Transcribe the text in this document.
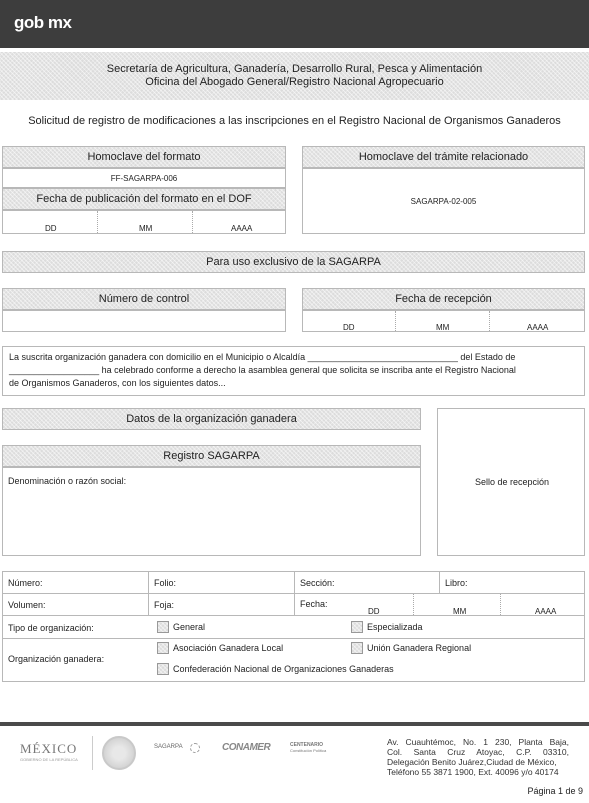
gob mx
Secretaría de Agricultura, Ganadería, Desarrollo Rural, Pesca y Alimentación
Oficina del Abogado General/Registro Nacional Agropecuario
Solicitud de registro de modificaciones a las inscripciones en el Registro Nacional de Organismos Ganaderos
Homoclave del formato
FF-SAGARPA-006
Fecha de publicación del formato en el DOF
DD	MM	AAAA
Homoclave del trámite relacionado
SAGARPA-02-005
Para uso exclusivo de la SAGARPA
Número de control	Fecha de recepción
DD	MM	AAAA
La suscrita organización ganadera con domicilio en el Municipio o Alcaldía ______________________________ del Estado de
__________________ ha celebrado conforme a derecho la asamblea general que solicita se inscriba ante el Registro Nacional
de Organismos Ganaderos, con los siguientes datos...
Datos de la organización ganadera
Registro SAGARPA
Denominación o razón social:	Sello de recepción
Número:	Folio:	Sección:	Libro:
Volumen:	Foja:	Fecha:
DD	MM	AAAA
Tipo de organización:	General	Especializada
Organización ganadera:
Asociación Ganadera Local	Unión Ganadera Regional
Confederación Nacional de Organizaciones Ganaderas
MÉXICO
GOBIERNO DE LA REPÚBLICA
SAGARPA	CONAMER	CENTENARIO
Constitución Política
Av. Cuauhtémoc, No. 1 230, Planta Baja,
Col. Santa Cruz Atoyac, C.P. 03310,
Delegación Benito Juárez,Ciudad de México,
Teléfono 55 3871 1900, Ext. 40096 y/o 40174
Página 1 de 9
